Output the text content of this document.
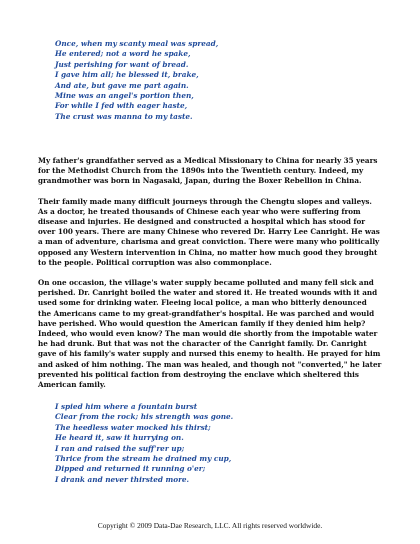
Once, when my scanty meal was spread,
He entered; not a word he spake,
Just perishing for want of bread.
I gave him all; he blessed it, brake,
And ate, but gave me part again.
Mine was an angel's portion then,
For while I fed with eager haste,
The crust was manna to my taste.

My father's grandfather served as a Medical Missionary to China for nearly 35 years for the Methodist Church from the 1890s into the Twentieth century. Indeed, my grandmother was born in Nagasaki, Japan, during the Boxer Rebellion in China.

Their family made many difficult journeys through the Chengtu slopes and valleys. As a doctor, he treated thousands of Chinese each year who were suffering from disease and injuries. He designed and constructed a hospital which has stood for over 100 years. There are many Chinese who revered Dr. Harry Lee Canright. He was a man of adventure, charisma and great conviction. There were many who politically opposed any Western intervention in China, no matter how much good they brought to the people. Political corruption was also commonplace.

On one occasion, the village's water supply became polluted and many fell sick and perished. Dr. Canright boiled the water and stored it. He treated wounds with it and used some for drinking water. Fleeing local police, a man who bitterly denounced the Americans came to my great-grandfather's hospital. He was parched and would have perished. Who would question the American family if they denied him help? Indeed, who would even know? The man would die shortly from the impotable water he had drunk. But that was not the character of the Canright family. Dr. Canright gave of his family's water supply and nursed this enemy to health. He prayed for him and asked of him nothing. The man was healed, and though not "converted," he later prevented his political faction from destroying the enclave which sheltered this American family.

I spied him where a fountain burst
Clear from the rock; his strength was gone.
The heedless water mocked his thirst;
He heard it, saw it hurrying on.
I ran and raised the suff'rer up;
Thrice from the stream he drained my cup,
Dipped and returned it running o'er;
I drank and never thirsted more.
Copyright © 2009 Data-Dae Research, LLC. All rights reserved worldwide.
